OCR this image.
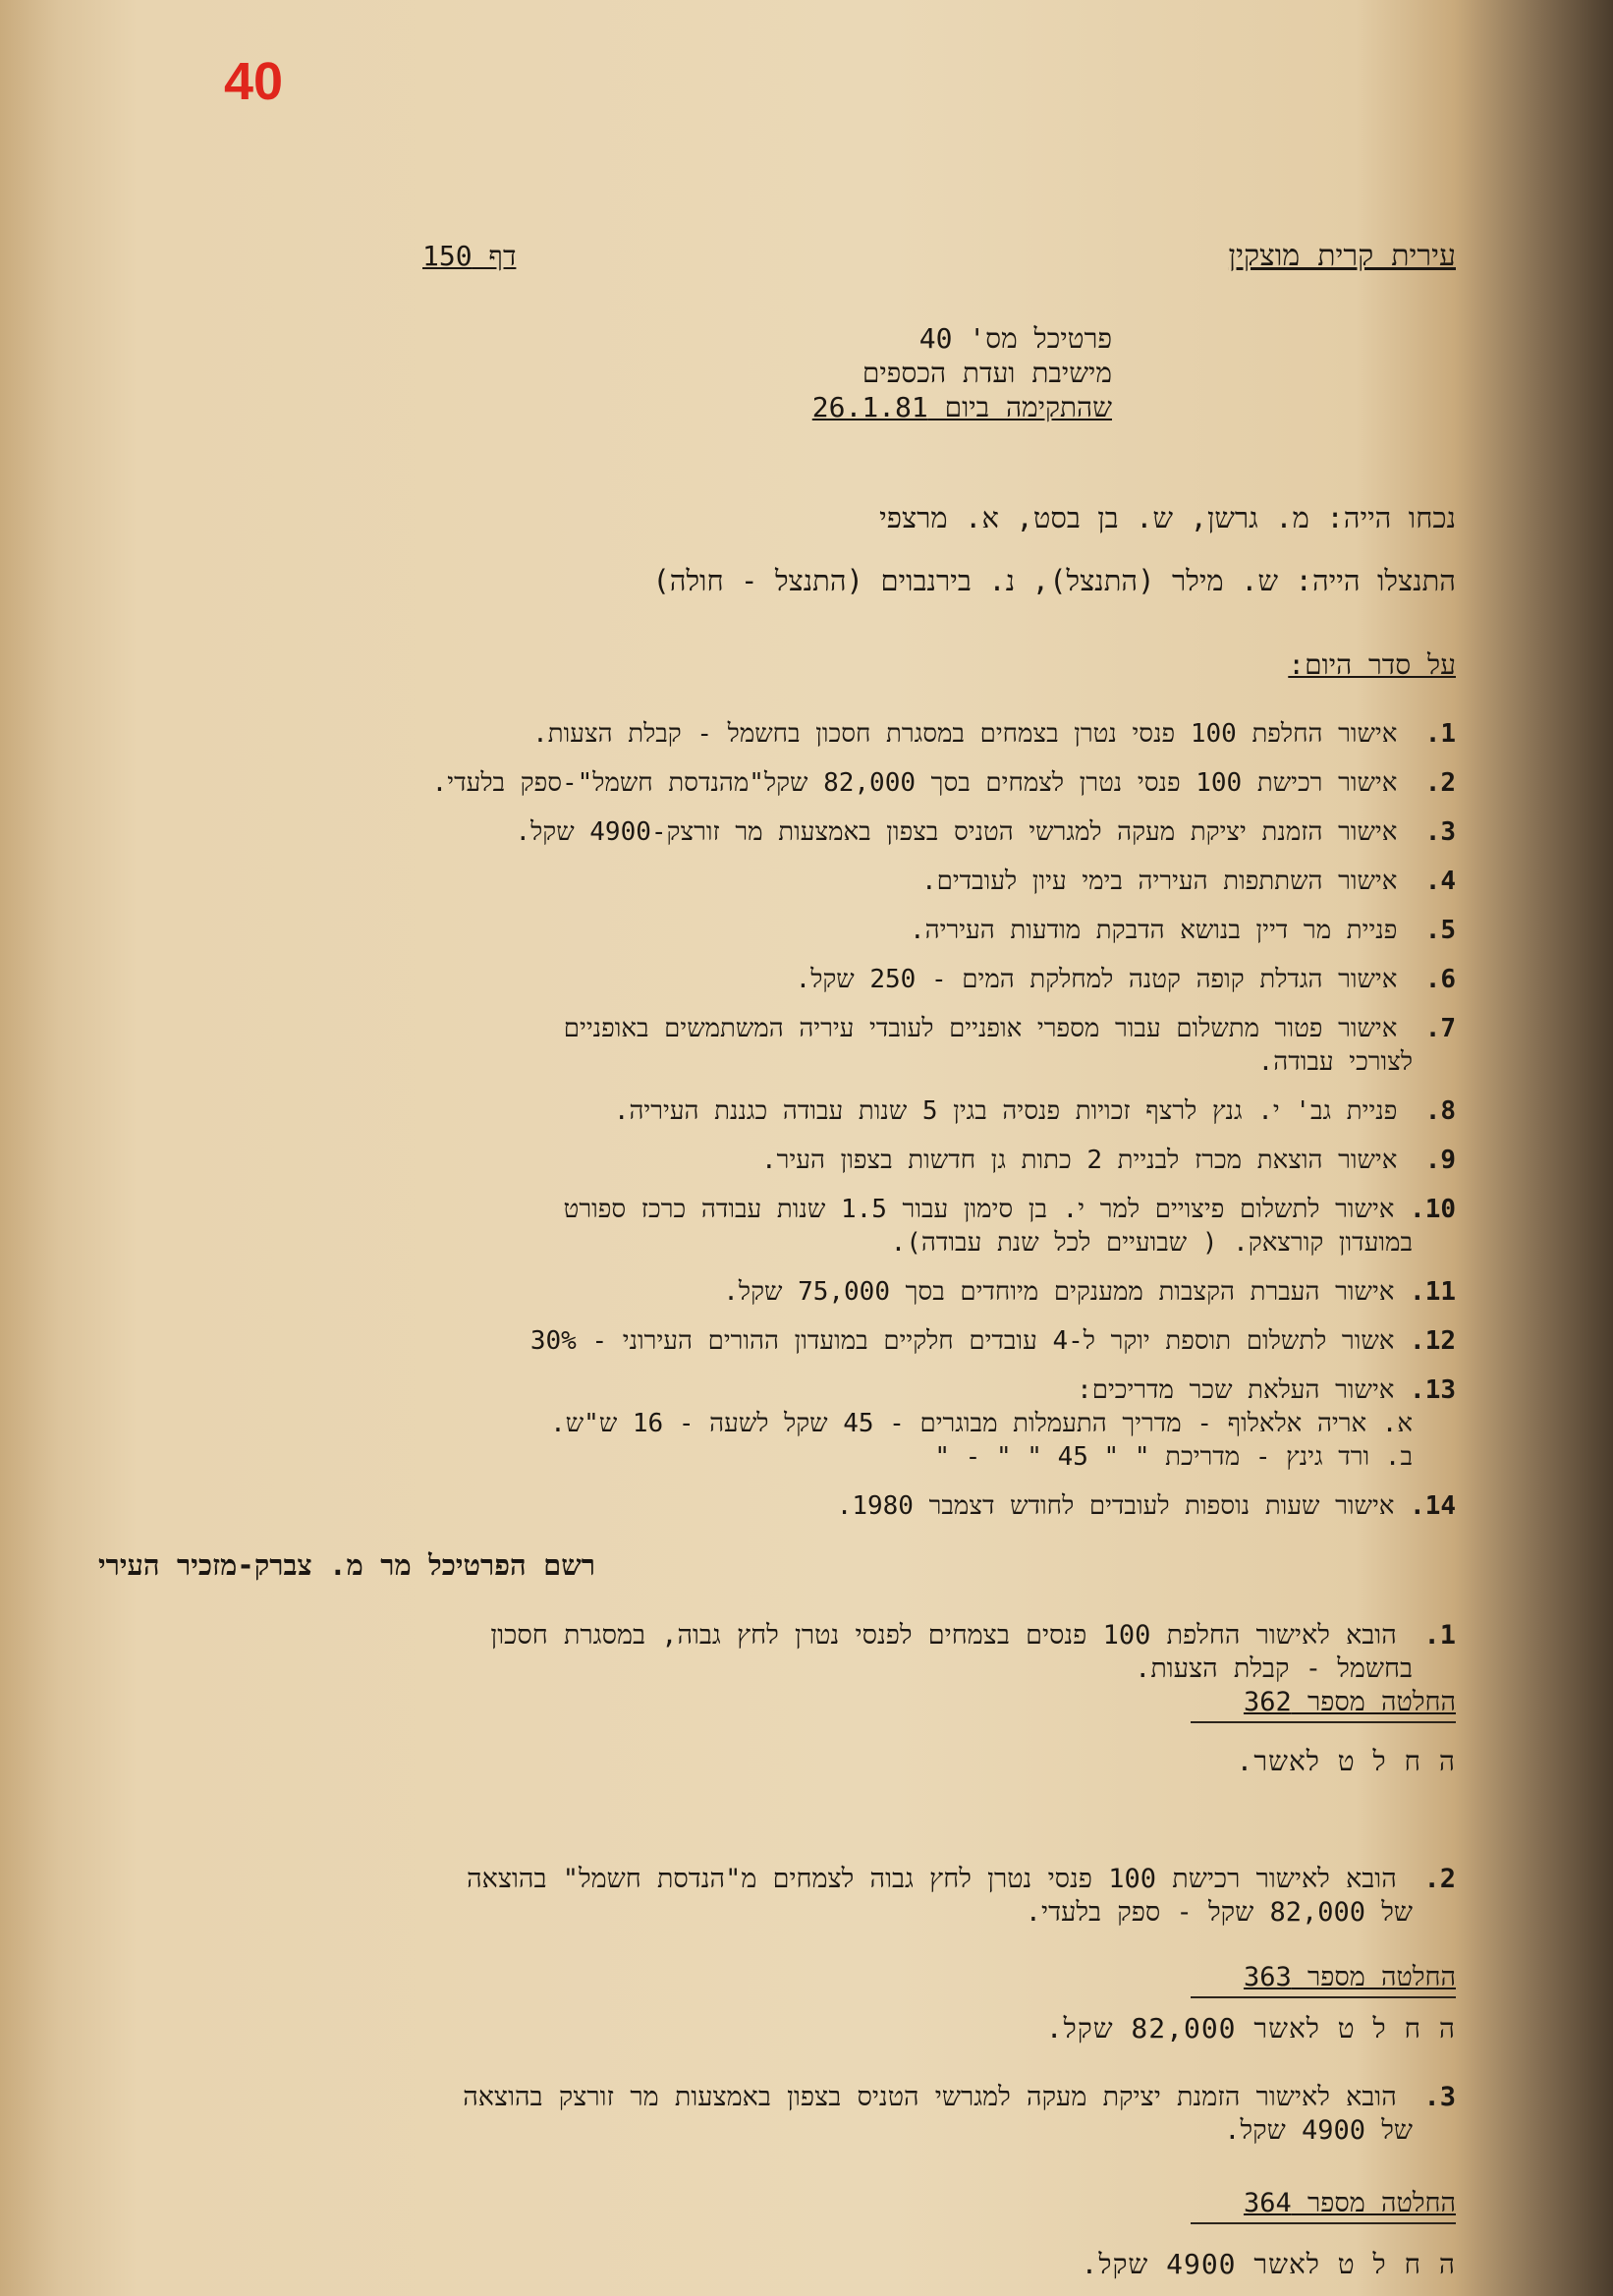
40
עירית קרית מוצקין
דף 150
פרטיכל מס' 40
מישיבת ועדת הכספים
שהתקימה ביום 26.1.81
נכחו הייה: מ. גרשן, ש. בן בסט, א. מרצפי
התנצלו הייה: ש. מילר (התנצל), נ. בירנבוים (התנצל - חולה)
על סדר היום:
1. אישור החלפת 100 פנסי נטרן בצמחים במסגרת חסכון בחשמל - קבלת הצעות.
2. אישור רכישת 100 פנסי נטרן לצמחים בסך 82,000 שקל"מהנדסת חשמל"-ספק בלעדי.
3. אישור הזמנת יציקת מעקה למגרשי הטניס בצפון באמצעות מר זורצק-4900 שקל.
4. אישור השתתפות העיריה בימי עיון לעובדים.
5. פניית מר דיין בנושא הדבקת מודעות העיריה.
6. אישור הגדלת קופה קטנה למחלקת המים - 250 שקל.
7. אישור פטור מתשלום עבור מספרי אופניים לעובדי עיריה המשתמשים באופניים
לצורכי עבודה.
8. פניית גב' י. גנץ לרצף זכויות פנסיה בגין 5 שנות עבודה כגננת העיריה.
9. אישור הוצאת מכרז לבניית 2 כתות גן חדשות בצפון העיר.
10. אישור לתשלום פיצויים למר י. בן סימון עבור 1.5 שנות עבודה כרכז ספורט
במועדון קורצאק. ( שבועיים לכל שנת עבודה).
11. אישור העברת הקצבות ממענקים מיוחדים בסך 75,000 שקל.
12. אשור לתשלום תוספת יוקר ל-4 עובדים חלקיים במועדון ההורים העירוני - 30%
13. אישור העלאת שכר מדריכים:
א. אריה אלאלוף - מדריך התעמלות מבוגרים - 45 שקל לשעה - 16 ש"ש.
ב. ורד גינץ - מדריכת " " 45 " " - "
14. אישור שעות נוספות לעובדים לחודש דצמבר 1980.
רשם הפרטיכל מר מ. צברק-מזכיר העירי
1. הובא לאישור החלפת 100 פנסים בצמחים לפנסי נטרן לחץ גבוה, במסגרת חסכון
בחשמל - קבלת הצעות.
החלטה מספר 362
ה ח ל ט לאשר.
2. הובא לאישור רכישת 100 פנסי נטרן לחץ גבוה לצמחים מ"הנדסת חשמל" בהוצאה
של 82,000 שקל - ספק בלעדי.
החלטה מספר 363
ה ח ל ט לאשר 82,000 שקל.
3. הובא לאישור הזמנת יציקת מעקה למגרשי הטניס בצפון באמצעות מר זורצק בהוצאה
של 4900 שקל.
החלטה מספר 364
ה ח ל ט לאשר 4900 שקל.
